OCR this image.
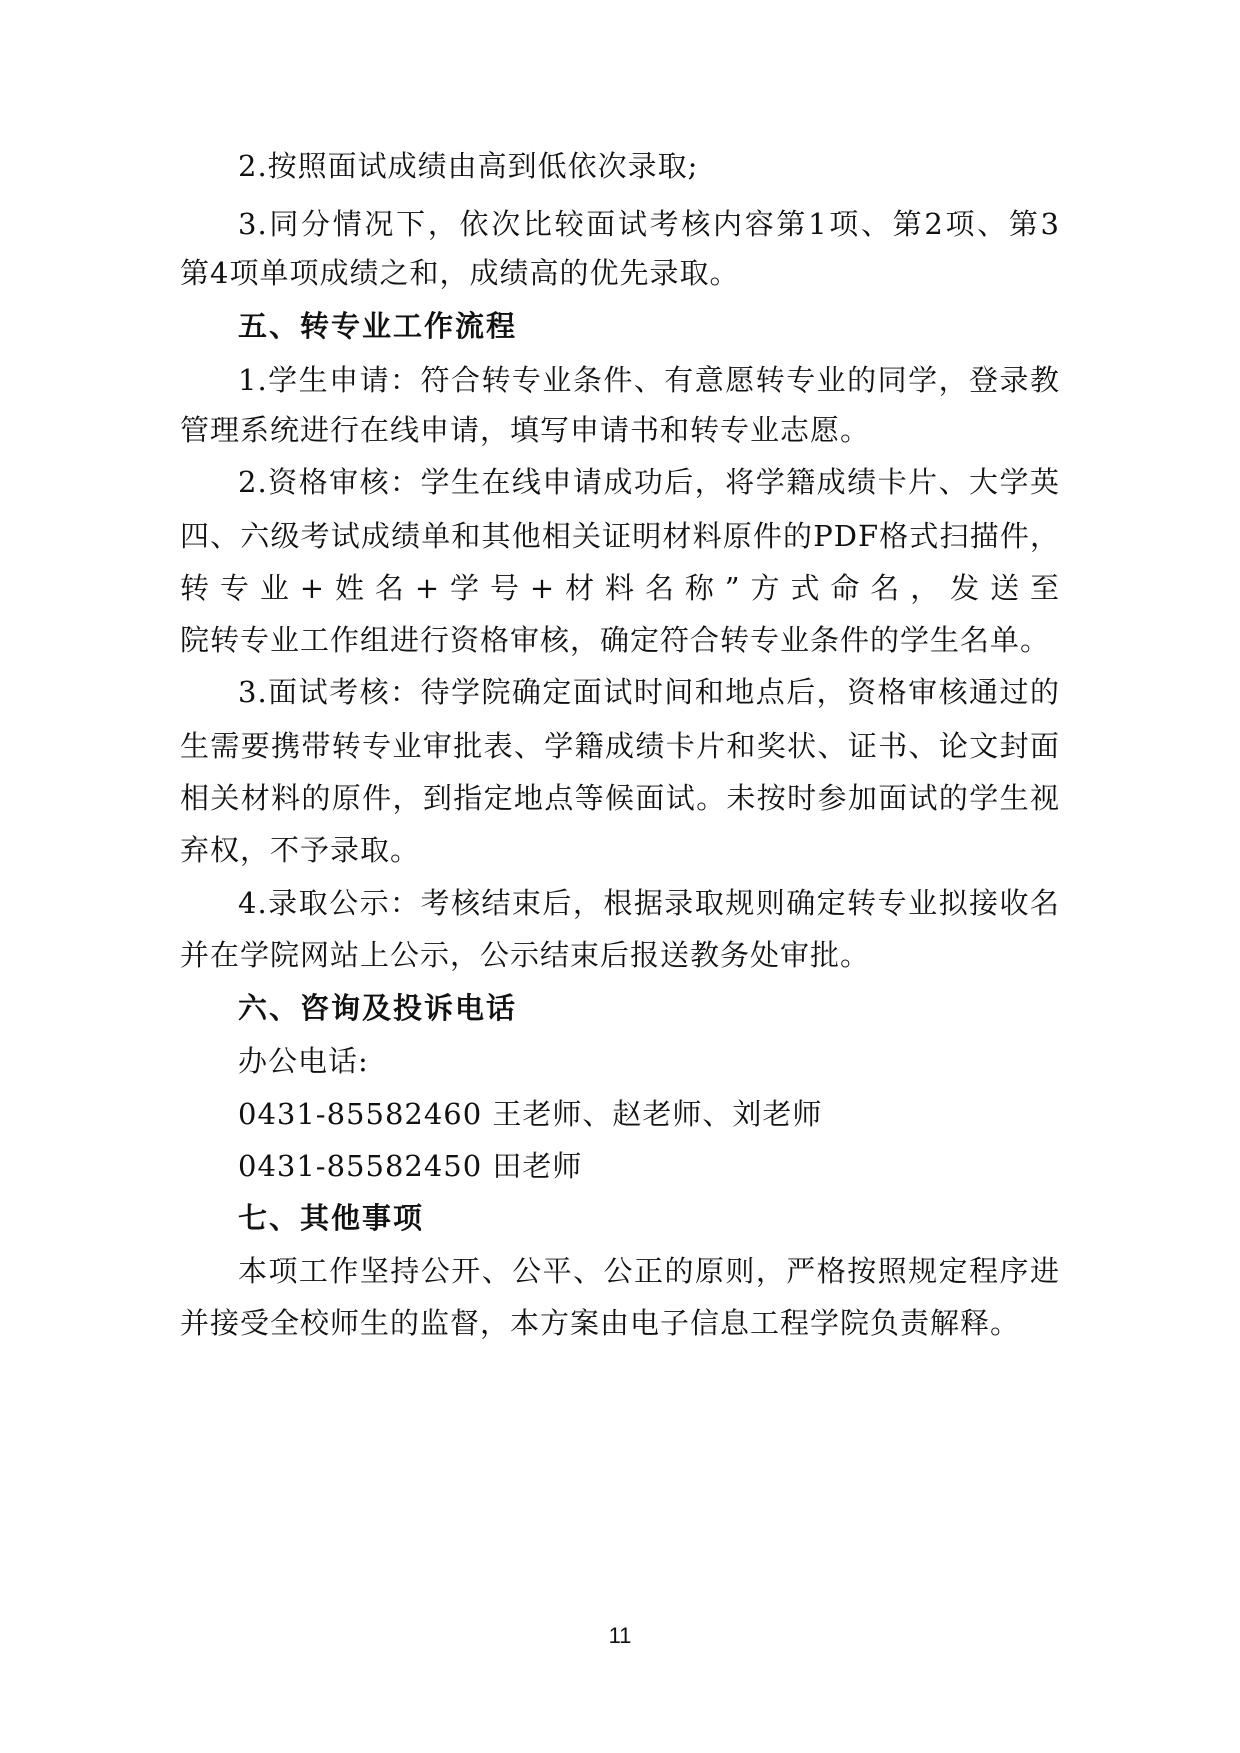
2.按照面试成绩由高到低依次录取;
3.同分情况下，依次比较面试考核内容第1项、第2项、第3
第4项单项成绩之和，成绩高的优先录取。
五、转专业工作流程
1.学生申请：符合转专业条件、有意愿转专业的同学，登录教
管理系统进行在线申请，填写申请书和转专业志愿。
2.资格审核：学生在线申请成功后，将学籍成绩卡片、大学英
四、六级考试成绩单和其他相关证明材料原件的PDF格式扫描件，
转专业+姓名+学号+材料名称”方式命名，发送至
院转专业工作组进行资格审核，确定符合转专业条件的学生名单。
3.面试考核：待学院确定面试时间和地点后，资格审核通过的
生需要携带转专业审批表、学籍成绩卡片和奖状、证书、论文封面
相关材料的原件，到指定地点等候面试。未按时参加面试的学生视
弃权，不予录取。
4.录取公示：考核结束后，根据录取规则确定转专业拟接收名
并在学院网站上公示，公示结束后报送教务处审批。
六、咨询及投诉电话
办公电话:
0431-85582460 王老师、赵老师、刘老师
0431-85582450 田老师
七、其他事项
本项工作坚持公开、公平、公正的原则，严格按照规定程序进
并接受全校师生的监督，本方案由电子信息工程学院负责解释。
11
